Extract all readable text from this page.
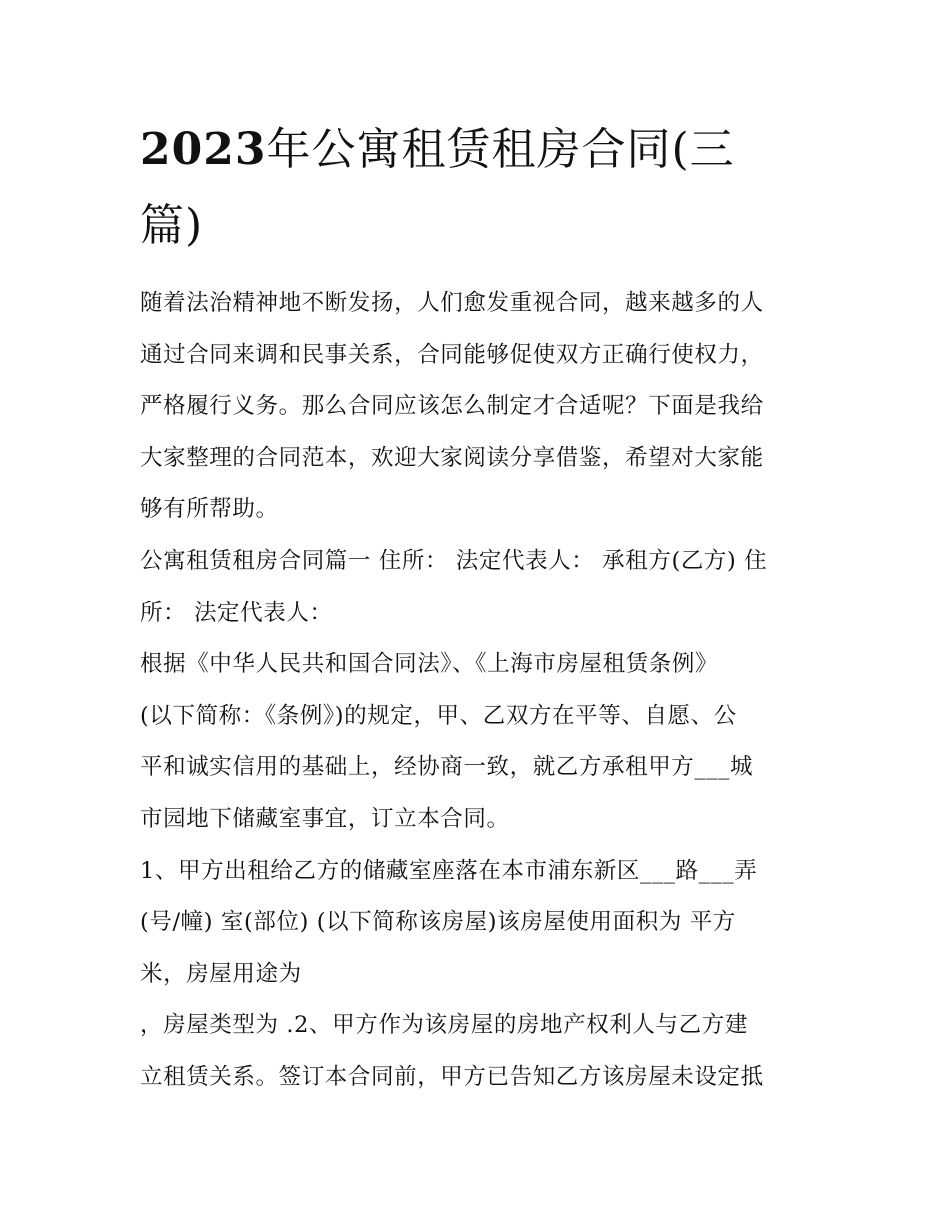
2023年公寓租赁租房合同(三
篇)

随着法治精神地不断发扬，人们愈发重视合同，越来越多的人
通过合同来调和民事关系，合同能够促使双方正确行使权力，
严格履行义务。那么合同应该怎么制定才合适呢？下面是我给
大家整理的合同范本，欢迎大家阅读分享借鉴，希望对大家能
够有所帮助。

公寓租赁租房合同篇一 住所： 法定代表人： 承租方(乙方) 住
所： 法定代表人：

根据《中华人民共和国合同法》、《上海市房屋租赁条例》
(以下简称：《条例》)的规定，甲、乙双方在平等、自愿、公
平和诚实信用的基础上，经协商一致，就乙方承租甲方___城
市园地下储藏室事宜，订立本合同。

1、甲方出租给乙方的储藏室座落在本市浦东新区___路___弄
(号/幢) 室(部位) (以下简称该房屋)该房屋使用面积为 平方
米，房屋用途为

，房屋类型为 .2、甲方作为该房屋的房地产权利人与乙方建
立租赁关系。签订本合同前，甲方已告知乙方该房屋未设定抵
